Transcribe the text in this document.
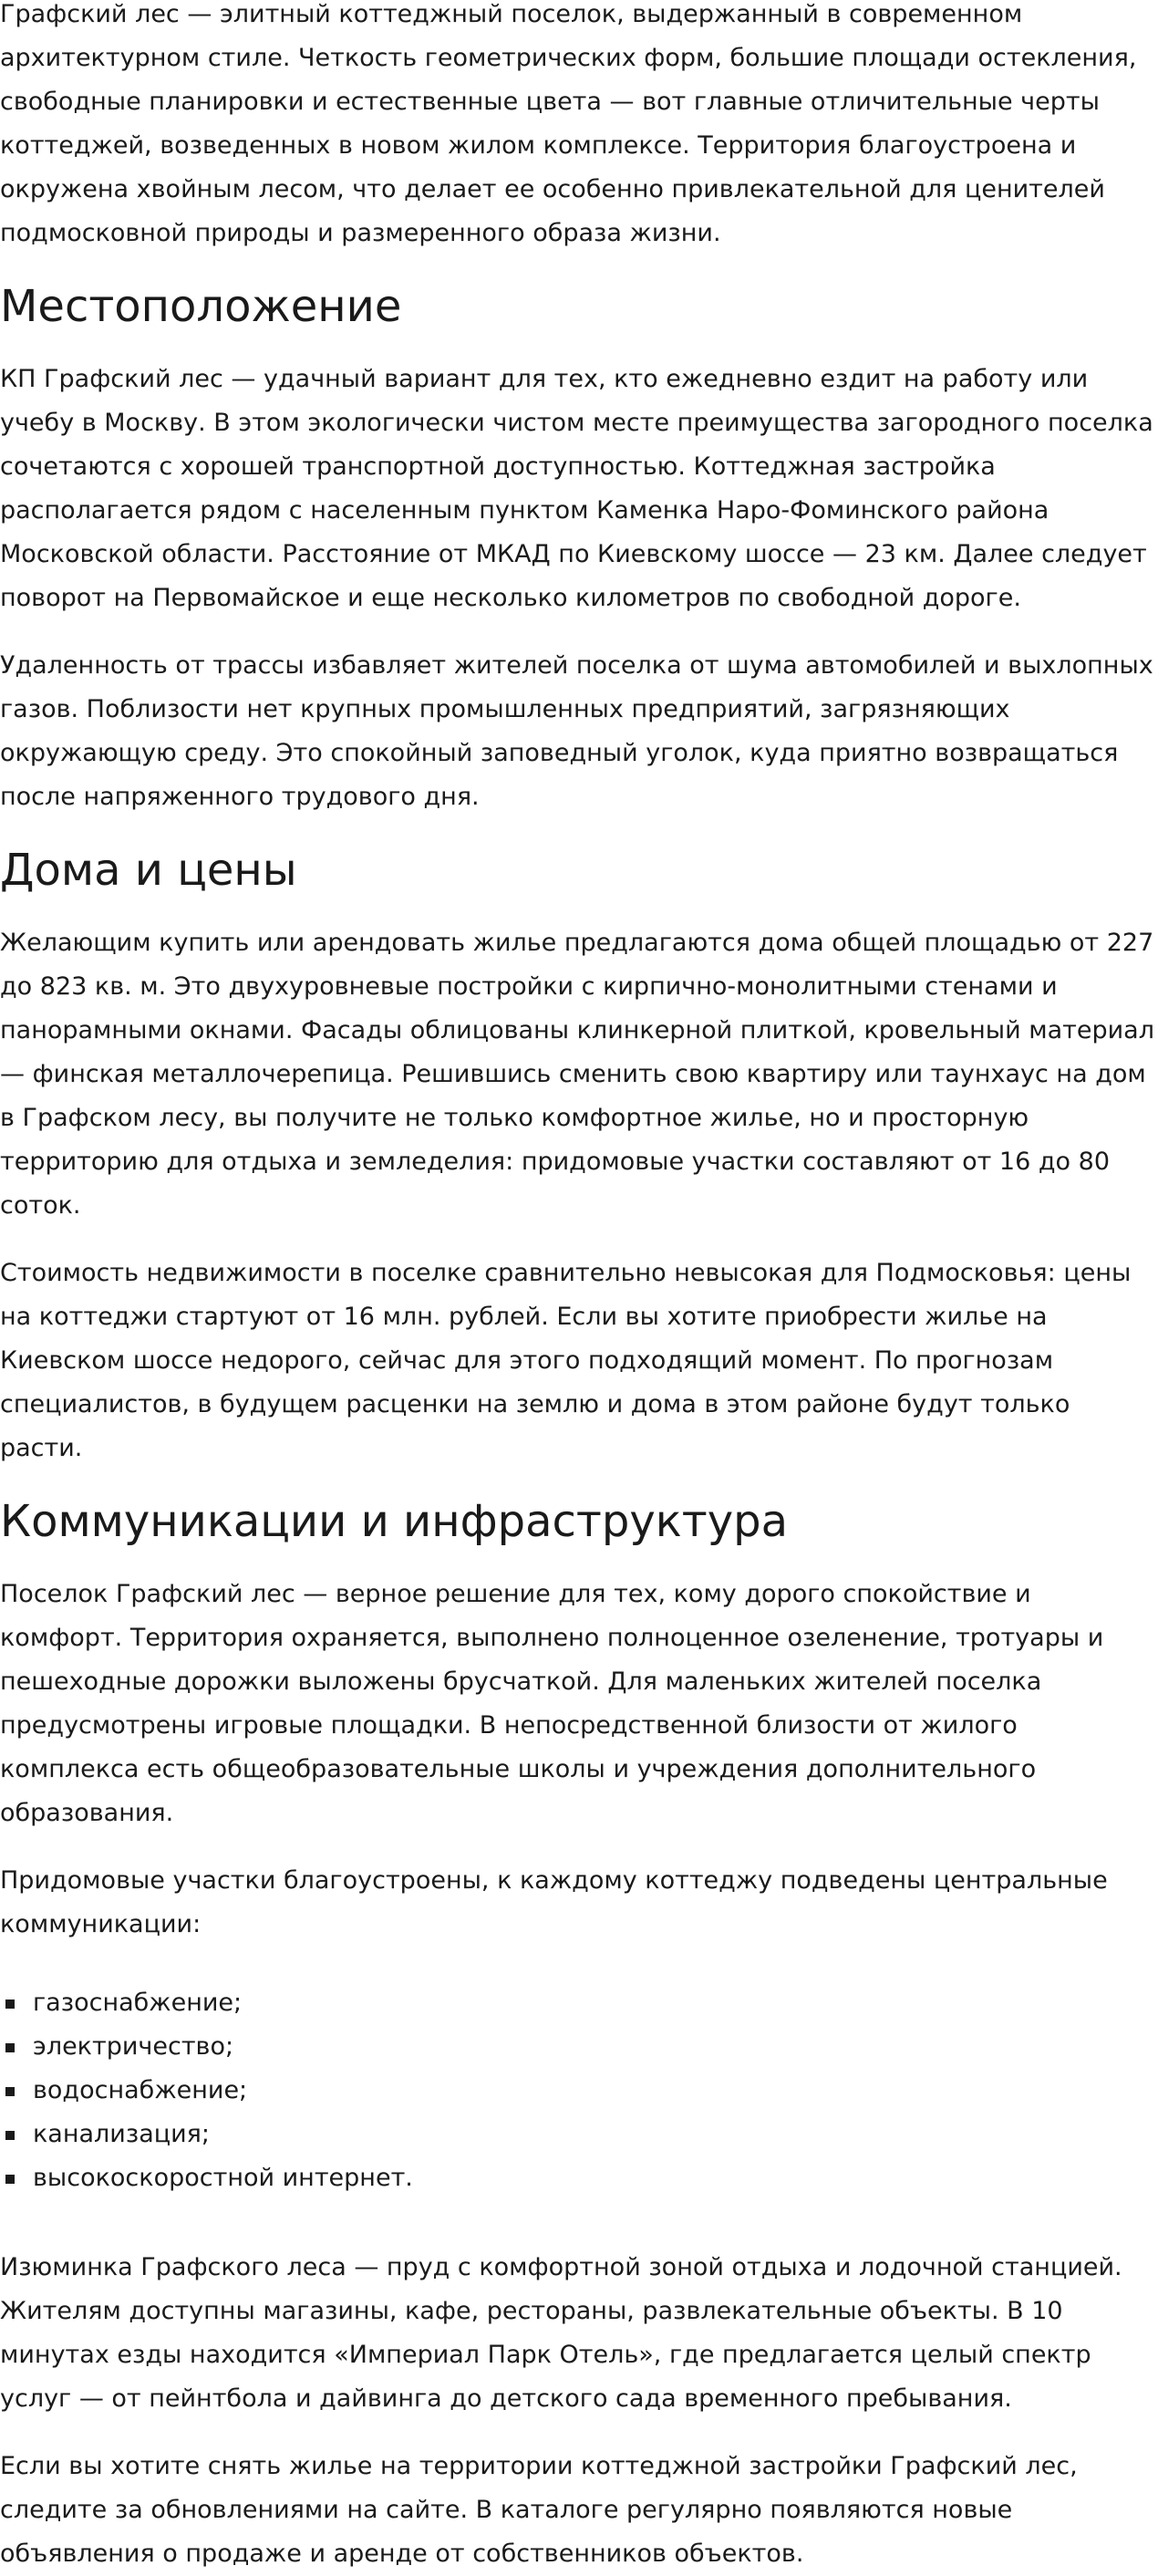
Графский лес — элитный коттеджный поселок, выдержанный в современном архитектурном стиле. Четкость геометрических форм, большие площади остекления, свободные планировки и естественные цвета — вот главные отличительные черты коттеджей, возведенных в новом жилом комплексе. Территория благоустроена и окружена хвойным лесом, что делает ее особенно привлекательной для ценителей подмосковной природы и размеренного образа жизни.

Местоположение

КП Графский лес — удачный вариант для тех, кто ежедневно ездит на работу или учебу в Москву. В этом экологически чистом месте преимущества загородного поселка сочетаются с хорошей транспортной доступностью. Коттеджная застройка располагается рядом с населенным пунктом Каменка Наро-Фоминского района Московской области. Расстояние от МКАД по Киевскому шоссе — 23 км. Далее следует поворот на Первомайское и еще несколько километров по свободной дороге.

Удаленность от трассы избавляет жителей поселка от шума автомобилей и выхлопных газов. Поблизости нет крупных промышленных предприятий, загрязняющих окружающую среду. Это спокойный заповедный уголок, куда приятно возвращаться после напряженного трудового дня.

Дома и цены

Желающим купить или арендовать жилье предлагаются дома общей площадью от 227 до 823 кв. м. Это двухуровневые постройки с кирпично-монолитными стенами и панорамными окнами. Фасады облицованы клинкерной плиткой, кровельный материал — финская металлочерепица. Решившись сменить свою квартиру или таунхаус на дом в Графском лесу, вы получите не только комфортное жилье, но и просторную территорию для отдыха и земледелия: придомовые участки составляют от 16 до 80 соток.

Стоимость недвижимости в поселке сравнительно невысокая для Подмосковья: цены на коттеджи стартуют от 16 млн. рублей. Если вы хотите приобрести жилье на Киевском шоссе недорого, сейчас для этого подходящий момент. По прогнозам специалистов, в будущем расценки на землю и дома в этом районе будут только расти.

Коммуникации и инфраструктура

Поселок Графский лес — верное решение для тех, кому дорого спокойствие и комфорт. Территория охраняется, выполнено полноценное озеленение, тротуары и пешеходные дорожки выложены брусчаткой. Для маленьких жителей поселка предусмотрены игровые площадки. В непосредственной близости от жилого комплекса есть общеобразовательные школы и учреждения дополнительного образования.

Придомовые участки благоустроены, к каждому коттеджу подведены центральные коммуникации:

газоснабжение;
электричество;
водоснабжение;
канализация;
высокоскоростной интернет.

Изюминка Графского леса — пруд с комфортной зоной отдыха и лодочной станцией. Жителям доступны магазины, кафе, рестораны, развлекательные объекты. В 10 минутах езды находится «Империал Парк Отель», где предлагается целый спектр услуг — от пейнтбола и дайвинга до детского сада временного пребывания.

Если вы хотите снять жилье на территории коттеджной застройки Графский лес, следите за обновлениями на сайте. В каталоге регулярно появляются новые объявления о продаже и аренде от собственников объектов.
